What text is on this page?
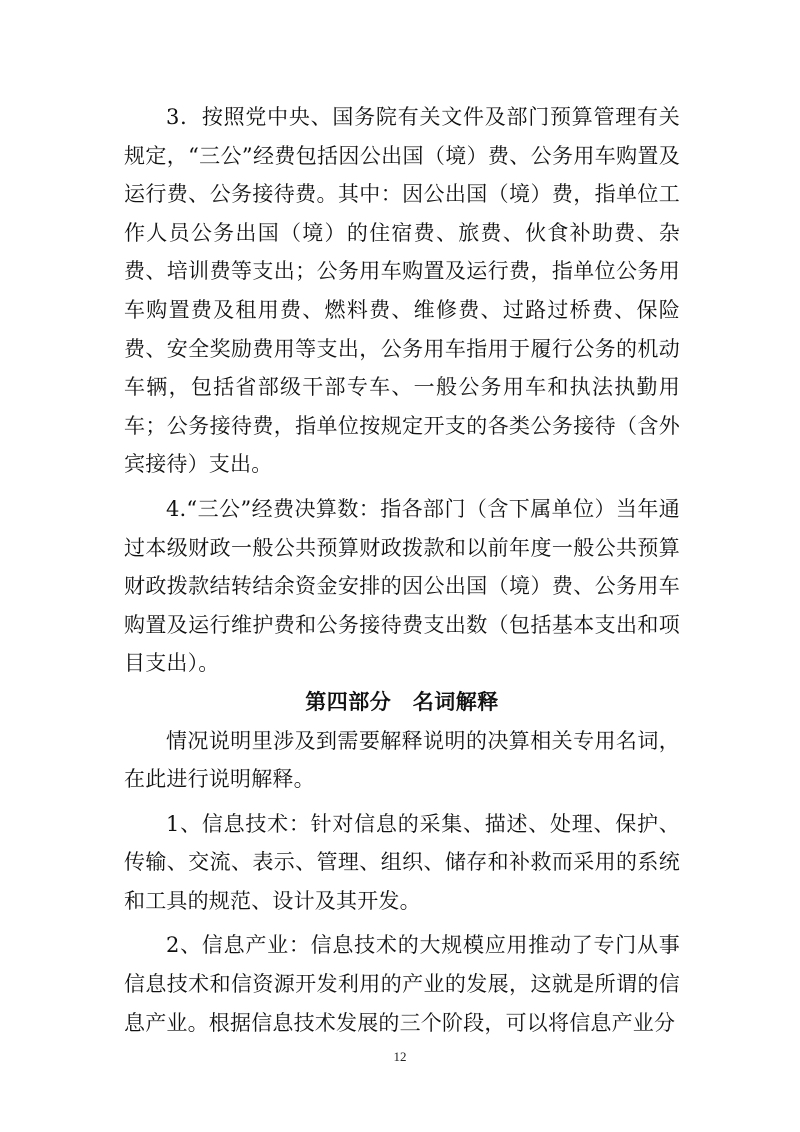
3．按照党中央、国务院有关文件及部门预算管理有关规定，“三公”经费包括因公出国（境）费、公务用车购置及运行费、公务接待费。其中：因公出国（境）费，指单位工作人员公务出国（境）的住宿费、旅费、伙食补助费、杂费、培训费等支出；公务用车购置及运行费，指单位公务用车购置费及租用费、燃料费、维修费、过路过桥费、保险费、安全奖励费用等支出，公务用车指用于履行公务的机动车辆，包括省部级干部专车、一般公务用车和执法执勤用车；公务接待费，指单位按规定开支的各类公务接待（含外宾接待）支出。

4.“三公”经费决算数：指各部门（含下属单位）当年通过本级财政一般公共预算财政拨款和以前年度一般公共预算财政拨款结转结余资金安排的因公出国（境）费、公务用车购置及运行维护费和公务接待费支出数（包括基本支出和项目支出）。

第四部分　名词解释

情况说明里涉及到需要解释说明的决算相关专用名词，在此进行说明解释。

1、信息技术：针对信息的采集、描述、处理、保护、传输、交流、表示、管理、组织、储存和补救而采用的系统和工具的规范、设计及其开发。

2、信息产业：信息技术的大规模应用推动了专门从事信息技术和信资源开发利用的产业的发展，这就是所谓的信息产业。根据信息技术发展的三个阶段，可以将信息产业分

12
